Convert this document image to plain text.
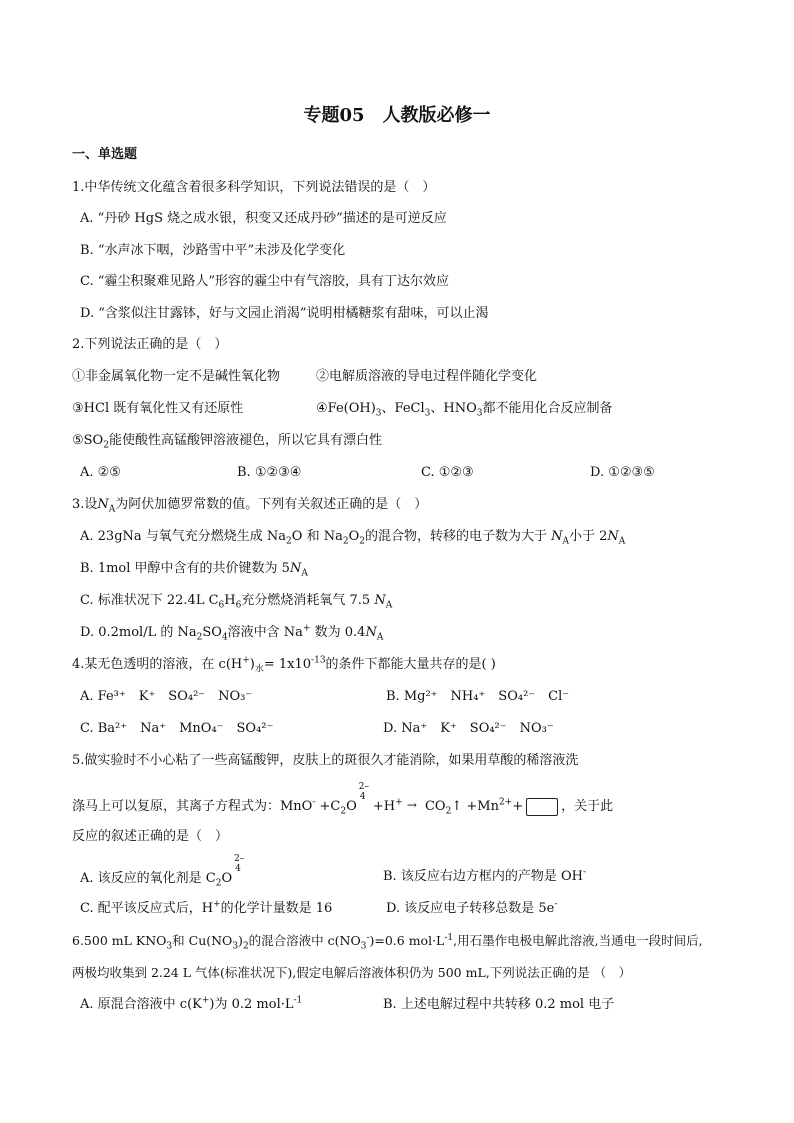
专题05　人教版必修一
一、单选题
1.中华传统文化蕴含着很多科学知识，下列说法错误的是（　）
A. “丹砂 HgS 烧之成水银，积变又还成丹砂”描述的是可逆反应
B. “水声冰下咽，沙路雪中平”未涉及化学变化
C. “霾尘积聚难见路人”形容的霾尘中有气溶胶，具有丁达尔效应
D. “含浆似注甘露钵，好与文园止消渴”说明柑橘糖浆有甜味，可以止渴
2.下列说法正确的是（　）
①非金属氧化物一定不是碱性氧化物	②电解质溶液的导电过程伴随化学变化
③HCl 既有氧化性又有还原性	$④Fe(OH)_3$、FeCl$_3$、$HNO_3$都不能用化合反应制备
$⑤SO_2$能使酸性高锰酸钾溶液褪色，所以它具有漂白性
A. ②⑤	B. ①②③④	C. ①②③	D. ①②③⑤
3.设$N_A$为阿伏加德罗常数的值。下列有关叙述正确的是（　）
A. 23gNa 与氧气充分燃烧生成 $Na_2O$ 和 $Na_2O_2$的混合物，转移的电子数为大于 $N_A$小于 $2N_A$
B. 1mol 甲醇中含有的共价键数为 $5N_A$
C. 标准状况下 22.4L $C_6H_6$充分燃烧消耗氧气 7.5 $N_A$
D. 0.2mol/L 的 $Na_2SO_4$溶液中含 Na+ 数为 $0.4N_A$
4.某无色透明的溶液，在 $c(H^+)_水= 1x10^{-13}$的条件下都能大量共存的是( )
A. Fe³⁺　K⁺　SO₄²⁻　NO₃⁻	B. Mg²⁺　NH₄⁺　SO₄²⁻　Cl⁻
C. Ba²⁺　Na⁺　MnO₄⁻　SO₄²⁻	D. Na⁺　K⁺　SO₄²⁻　NO₃⁻
5.做实验时不小心粘了一些高锰酸钾，皮肤上的斑很久才能消除，如果用草酸的稀溶液洗
涤马上可以复原，其离子方程式为：$MnO^- +C_2O$
2–
4
$+H^+ \to CO_2↑ +Mn^{2+}+$	，关于此
反应的叙述正确的是（　）
A. 该反应的氧化剂是 $C_2O$
2–
4	B. 该反应右边方框内的产物是 OH-
C. 配平该反应式后，H+的化学计量数是 16	D. 该反应电子转移总数是 5e-
6.500 mL $KNO_3$和 $Cu(NO_3)_2$的混合溶液中 $c(NO_3^-)=0.6$ $mol\cdot L^{-1}$,用石墨作电极电解此溶液,当通电一段时间后,
两极均收集到 2.24 L 气体(标准状况下),假定电解后溶液体积仍为 500 mL,下列说法正确的是 （　）
A. 原混合溶液中 c(K+)为 0.2 $mol\cdot L^{-1}$	B. 上述电解过程中共转移 0.2 mol 电子
